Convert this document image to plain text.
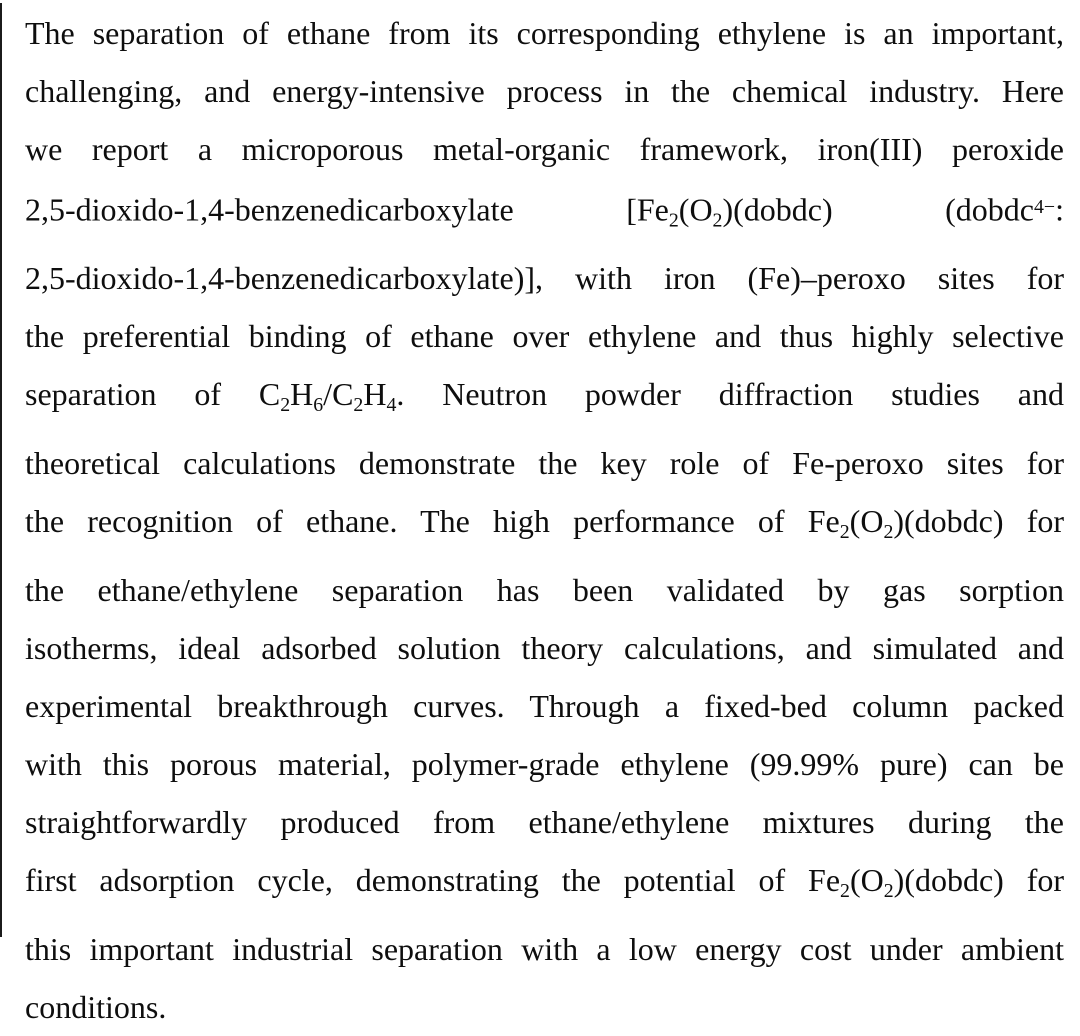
The separation of ethane from its corresponding ethylene is an important,
challenging, and energy-intensive process in the chemical industry. Here
we report a microporous metal-organic framework, iron(III) peroxide
2,5-dioxido-1,4-benzenedicarboxylate [$Fe_2(O_2)(dobdc)$ (dobdc$^{4-}$:
2,5-dioxido-1,4-benzenedicarboxylate)], with iron (Fe)–peroxo sites for
the preferential binding of ethane over ethylene and thus highly selective
separation of $C_2H_6/C_2H_4$. Neutron powder diffraction studies and
theoretical calculations demonstrate the key role of Fe-peroxo sites for
the recognition of ethane. The high performance of $Fe_2(O_2)(dobdc)$ for
the ethane/ethylene separation has been validated by gas sorption
isotherms, ideal adsorbed solution theory calculations, and simulated and
experimental breakthrough curves. Through a fixed-bed column packed
with this porous material, polymer-grade ethylene (99.99% pure) can be
straightforwardly produced from ethane/ethylene mixtures during the
first adsorption cycle, demonstrating the potential of $Fe_2(O_2)(dobdc)$ for
this important industrial separation with a low energy cost under ambient
conditions.
